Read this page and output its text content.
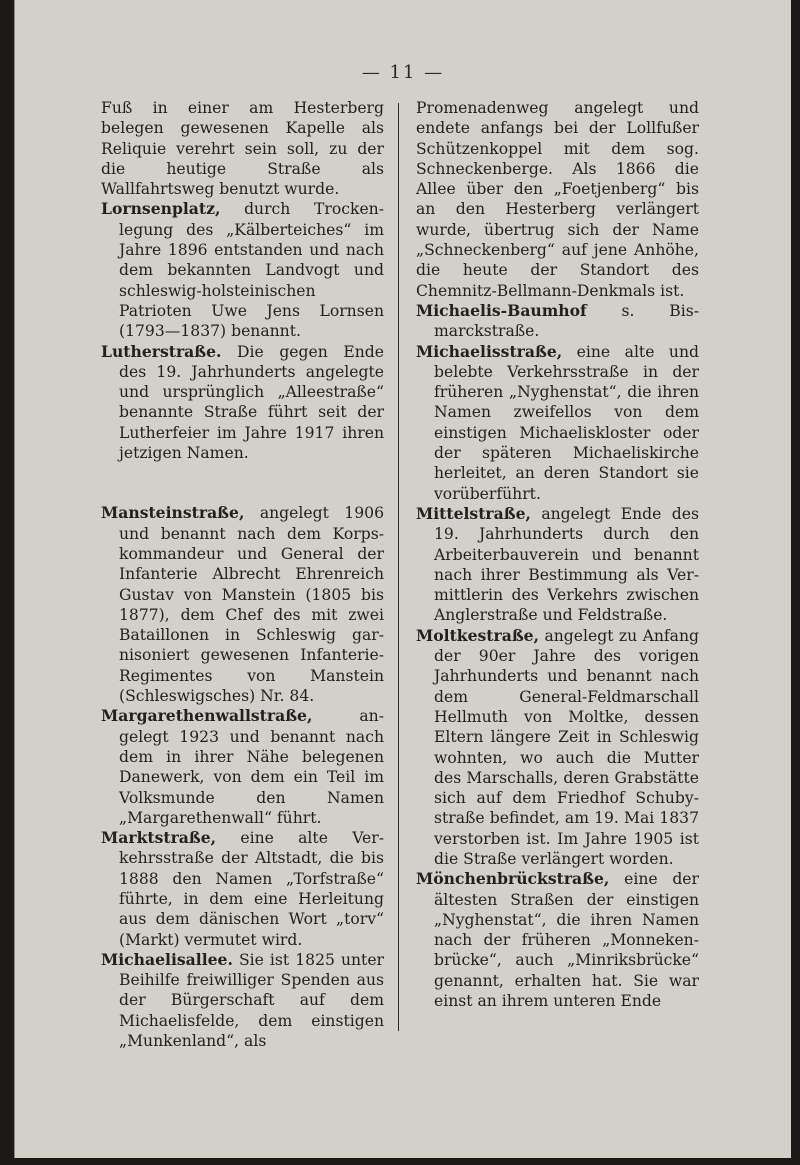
— 11 —

Fuß in einer am Hesterberg belegen gewesenen Kapelle als Reliquie verehrt sein soll, zu der die heutige Straße als Wallfahrtsweg benutzt wurde.

Lornsenplatz, durch Trockenlegung des „Kälberteiches“ im Jahre 1896 entstanden und nach dem bekannten Landvogt und schleswig-holsteinischen Patrioten Uwe Jens Lornsen (1793—1837) benannt.

Lutherstraße. Die gegen Ende des 19. Jahrhunderts angelegte und ursprünglich „Alleestraße“ benannte Straße führt seit der Lutherfeier im Jahre 1917 ihren jetzigen Namen.

Mansteinstraße, angelegt 1906 und benannt nach dem Korpskommandeur und General der Infanterie Albrecht Ehrenreich Gustav von Manstein (1805 bis 1877), dem Chef des mit zwei Bataillonen in Schleswig garnisoniert gewesenen InfanterieRegimentes von Manstein (Schleswigsches) Nr. 84.

Margarethenwallstraße, angelegt 1923 und benannt nach dem in ihrer Nähe belegenen Danewerk, von dem ein Teil im Volksmunde den Namen „Margarethenwall“ führt.

Marktstraße, eine alte Verkehrsstraße der Altstadt, die bis 1888 den Namen „Torfstraße“ führte, in dem eine Herleitung aus dem dänischen Wort „torv“ (Markt) vermutet wird.

Michaelisallee. Sie ist 1825 unter Beihilfe freiwilliger Spenden aus der Bürgerschaft auf dem Michaelisfelde, dem einstigen „Munkenland“, als

Promenadenweg angelegt und endete anfangs bei der Lollfußer Schützenkoppel mit dem sog. Schneckenberge. Als 1866 die Allee über den „Foetjenberg“ bis an den Hesterberg verlängert wurde, übertrug sich der Name „Schneckenberg“ auf jene Anhöhe, die heute der Standort des Chemnitz-Bellmann-Denkmals ist.

Michaelis-Baumhof s. Bismarckstraße.

Michaelisstraße, eine alte und belebte Verkehrsstraße in der früheren „Nyghenstat“, die ihren Namen zweifellos von dem einstigen Michaeliskloster oder der späteren Michaeliskirche herleitet, an deren Standort sie vorüberführt.

Mittelstraße, angelegt Ende des 19. Jahrhunderts durch den Arbeiterbauverein und benannt nach ihrer Bestimmung als Vermittlerin des Verkehrs zwischen Anglerstraße und Feldstraße.

Moltkestraße, angelegt zu Anfang der 90er Jahre des vorigen Jahrhunderts und benannt nach dem General-Feldmarschall Hellmuth von Moltke, dessen Eltern längere Zeit in Schleswig wohnten, wo auch die Mutter des Marschalls, deren Grabstätte sich auf dem Friedhof Schubystraße befindet, am 19. Mai 1837 verstorben ist. Im Jahre 1905 ist die Straße verlängert worden.

Mönchenbrückstraße, eine der ältesten Straßen der einstigen „Nyghenstat“, die ihren Namen nach der früheren „Monnekenbrücke“, auch „Minriksbrücke“ genannt, erhalten hat. Sie war einst an ihrem unteren Ende
